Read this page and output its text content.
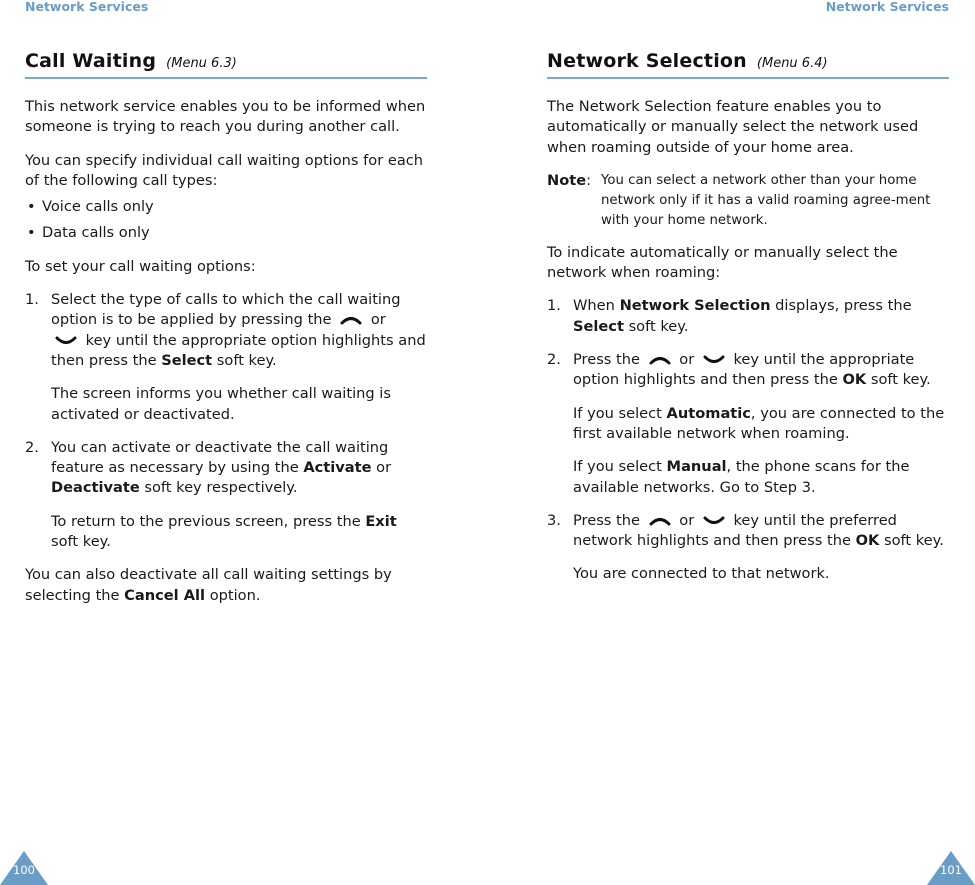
Network Services
Call Waiting (Menu 6.3)

This network service enables you to be informed when someone is trying to reach you during another call.

You can specify individual call waiting options for each of the following call types:

• Voice calls only
• Data calls only

To set your call waiting options:

1. Select the type of calls to which the call waiting option is to be applied by pressing the	or

key until the appropriate option highlights and then press the Select soft key.

The screen informs you whether call waiting is activated or deactivated.

2. You can activate or deactivate the call waiting feature as necessary by using the Activate or Deactivate soft key respectively.

To return to the previous screen, press the Exit soft key.

You can also deactivate all call waiting settings by selecting the Cancel All option.

Network Services
Network Selection (Menu 6.4)

The Network Selection feature enables you to automatically or manually select the network used when roaming outside of your home area.

Note: You can select a network other than your home network only if it has a valid roaming agree-ment with your home network.

To indicate automatically or manually select the network when roaming:

1. When Network Selection displays, press the Select soft key.
2. Press the	or	key until the appropriate option highlights and then press the OK soft key.

If you select Automatic, you are connected to the first available network when roaming.

If you select Manual, the phone scans for the available networks. Go to Step 3.

3. Press the	or	key until the preferred network highlights and then press the OK soft key.

You are connected to that network.

100	101
